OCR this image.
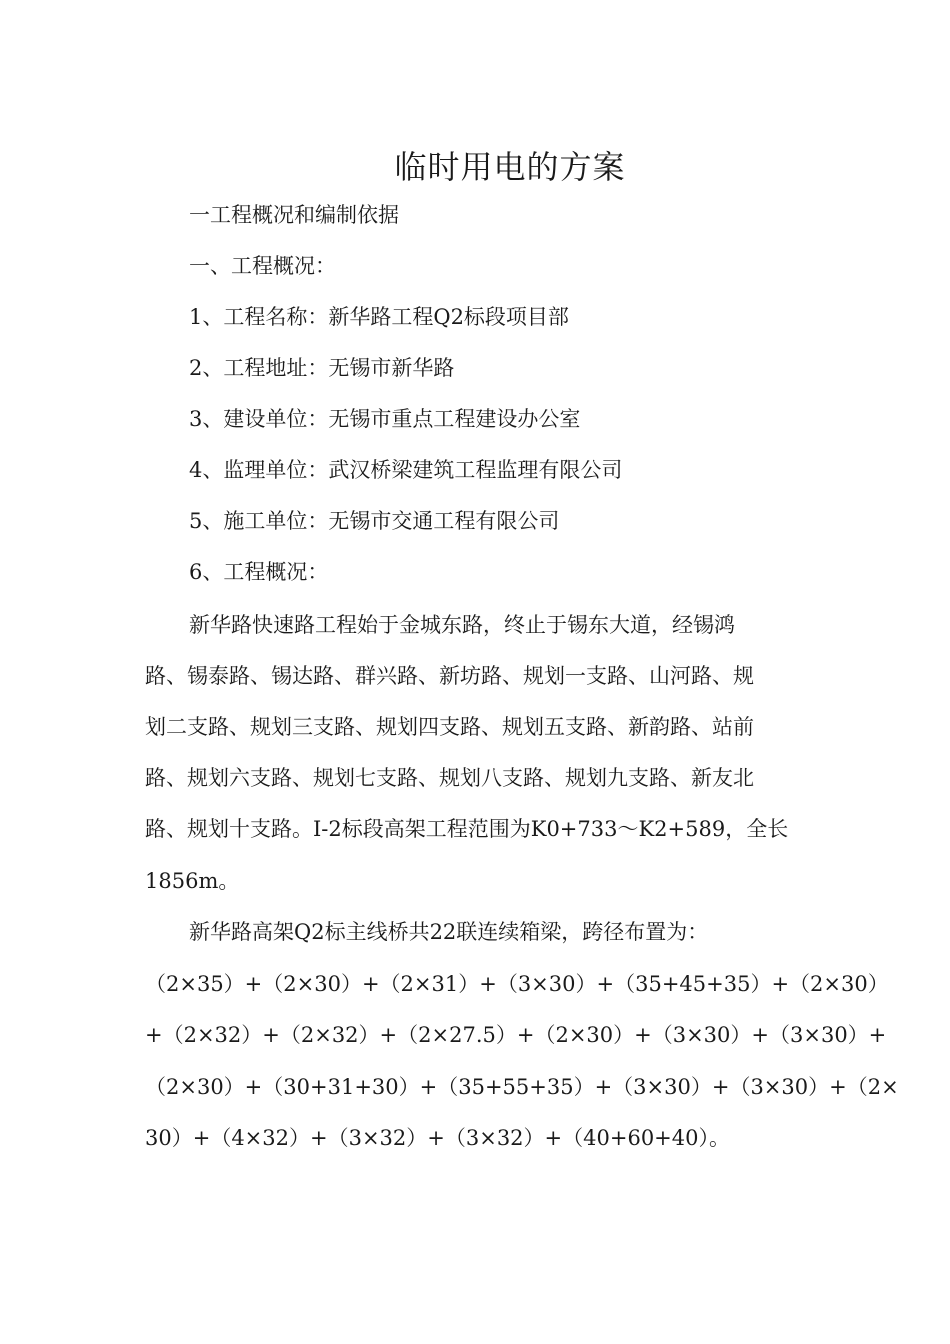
临时用电的方案

一工程概况和编制依据

一、工程概况：

1、工程名称：新华路工程Q2标段项目部

2、工程地址：无锡市新华路

3、建设单位：无锡市重点工程建设办公室

4、监理单位：武汉桥梁建筑工程监理有限公司

5、施工单位：无锡市交通工程有限公司

6、工程概况：

新华路快速路工程始于金城东路，终止于锡东大道，经锡鸿

路、锡泰路、锡达路、群兴路、新坊路、规划一支路、山河路、规

划二支路、规划三支路、规划四支路、规划五支路、新韵路、站前

路、规划六支路、规划七支路、规划八支路、规划九支路、新友北

路、规划十支路。I-2标段高架工程范围为K0+733～K2+589，全长

1856m。

新华路高架Q2标主线桥共22联连续箱梁，跨径布置为：

（2×35）+（2×30）+（2×31）+（3×30）+（35+45+35）+（2×30）

+（2×32）+（2×32）+（2×27.5）+（2×30）+（3×30）+（3×30）+

（2×30）+（30+31+30）+（35+55+35）+（3×30）+（3×30）+（2×

30）+（4×32）+（3×32）+（3×32）+（40+60+40）。
